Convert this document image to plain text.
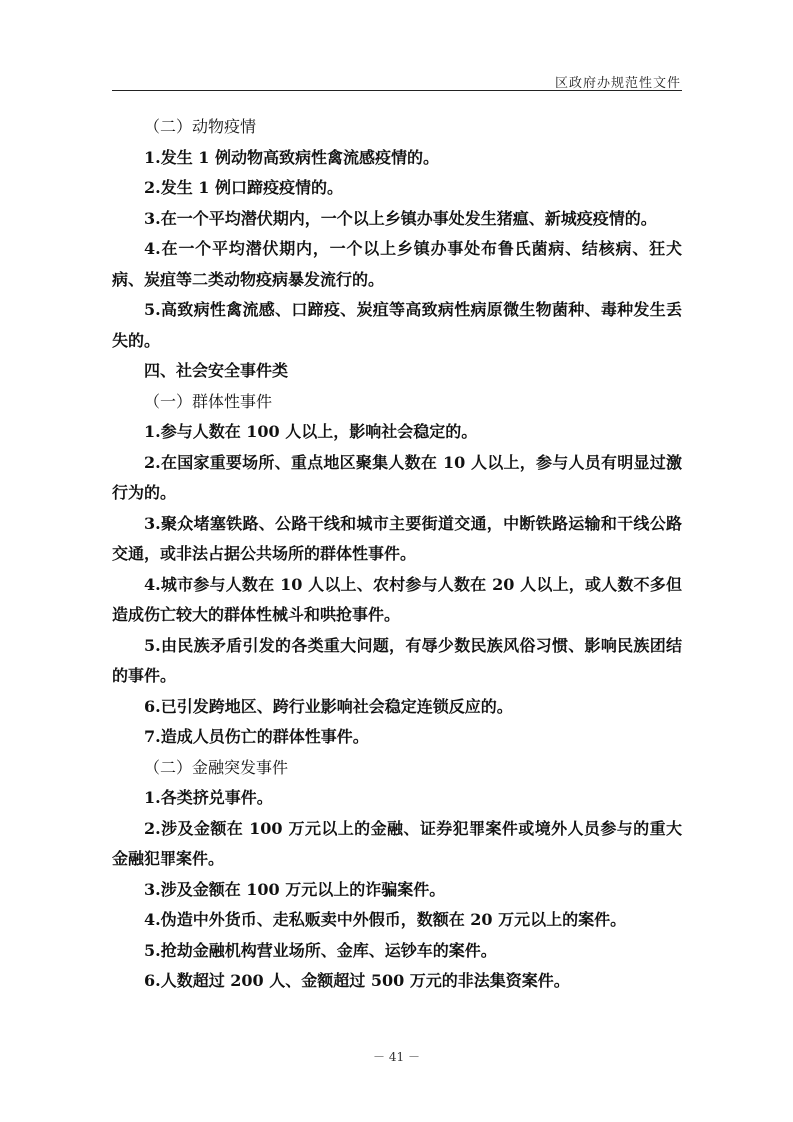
区政府办规范性文件

（二）动物疫情

1.发生 1 例动物高致病性禽流感疫情的。

2.发生 1 例口蹄疫疫情的。

3.在一个平均潜伏期内，一个以上乡镇办事处发生猪瘟、新城疫疫情的。

4.在一个平均潜伏期内，一个以上乡镇办事处布鲁氏菌病、结核病、狂犬病、炭疽等二类动物疫病暴发流行的。

5.高致病性禽流感、口蹄疫、炭疽等高致病性病原微生物菌种、毒种发生丢失的。

四、社会安全事件类

（一）群体性事件

1.参与人数在 100 人以上，影响社会稳定的。

2.在国家重要场所、重点地区聚集人数在 10 人以上，参与人员有明显过激行为的。

3.聚众堵塞铁路、公路干线和城市主要街道交通，中断铁路运输和干线公路交通，或非法占据公共场所的群体性事件。

4.城市参与人数在 10 人以上、农村参与人数在 20 人以上，或人数不多但造成伤亡较大的群体性械斗和哄抢事件。

5.由民族矛盾引发的各类重大问题，有辱少数民族风俗习惯、影响民族团结的事件。

6.已引发跨地区、跨行业影响社会稳定连锁反应的。

7.造成人员伤亡的群体性事件。

（二）金融突发事件

1.各类挤兑事件。

2.涉及金额在 100 万元以上的金融、证券犯罪案件或境外人员参与的重大金融犯罪案件。

3.涉及金额在 100 万元以上的诈骗案件。

4.伪造中外货币、走私贩卖中外假币，数额在 20 万元以上的案件。

5.抢劫金融机构营业场所、金库、运钞车的案件。

6.人数超过 200 人、金额超过 500 万元的非法集资案件。

－ 41 －
